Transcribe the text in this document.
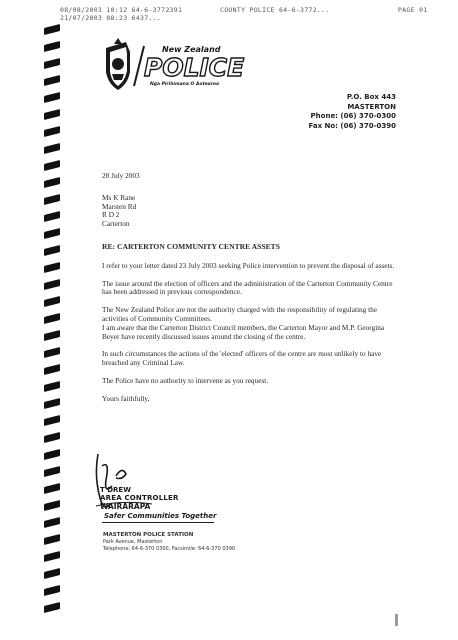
08/08/2003 10:12 64-6-3772391
21/07/2003 08:23 6437...
COUNTY POLICE 64-6-3772...	PAGE 01
New Zealand
POLICE
Nga Pirihimana O Aotearoa
P.O. Box 443
MASTERTON
Phone: (06) 370-0300
Fax No: (06) 370-0390

28 July 2003

Ms K Rane

Marsten Rd

R D 2

Carterton

RE: CARTERTON COMMUNITY CENTRE ASSETS

I refer to your letter dated 23 July 2003 seeking Police intervention to prevent the disposal of assets.

The issue around the election of officers and the administration of the Carterton Community Centre has been addressed in previous correspondence.

The New Zealand Police are not the authority charged with the responsibility of regulating the activities of Community Committees.

I am aware that the Carterton District Council members, the Carterton Mayor and M.P. Georgina Beyer have recently discussed issues around the closing of the centre.

In such circumstances the actions of the 'elected' officers of the centre are most unlikely to have breached any Criminal Law.

The Police have no authority to intervene as you request.

Yours faithfully,

T DREW

AREA CONTROLLER

WAIRARAPA

Safer Communities Together

MASTERTON POLICE STATION

Park Avenue, Masterton

Telephone: 64-6-370 0300, Facsimile: 64-6-370 0390
